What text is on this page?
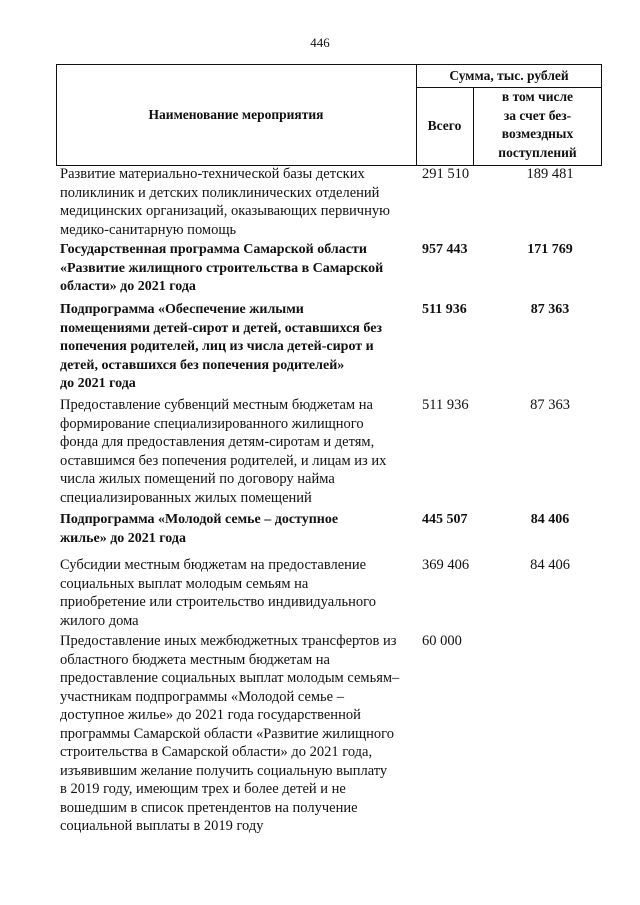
446
Наименование мероприятия
Сумма, тыс. рублей
Всего
в том числе
за счет без-
возмездных
поступлений
Развитие материально-технической базы детских
поликлиник и детских поликлинических отделений
медицинских организаций, оказывающих первичную
медико-санитарную помощь
291 510	189 481
Государственная программа Самарской области
«Развитие жилищного строительства в Самарской
области» до 2021 года
957 443	171 769
Подпрограмма «Обеспечение жилыми
помещениями детей-сирот и детей, оставшихся без
попечения родителей, лиц из числа детей-сирот и
детей, оставшихся без попечения родителей»
до 2021 года
511 936	87 363
Предоставление субвенций местным бюджетам на
формирование специализированного жилищного
фонда для предоставления детям-сиротам и детям,
оставшимся без попечения родителей, и лицам из их
числа жилых помещений по договору найма
специализированных жилых помещений
511 936	87 363
Подпрограмма «Молодой семье – доступное
жилье» до 2021 года
445 507	84 406
Субсидии местным бюджетам на предоставление
социальных выплат молодым семьям на
приобретение или строительство индивидуального
жилого дома
369 406	84 406
Предоставление иных межбюджетных трансфертов из
областного бюджета местным бюджетам на
предоставление социальных выплат молодым семьям–
участникам подпрограммы «Молодой семье –
доступное жилье» до 2021 года государственной
программы Самарской области «Развитие жилищного
строительства в Самарской области» до 2021 года,
изъявившим желание получить социальную выплату
в 2019 году, имеющим трех и более детей и не
вошедшим в список претендентов на получение
социальной выплаты в 2019 году
60 000
